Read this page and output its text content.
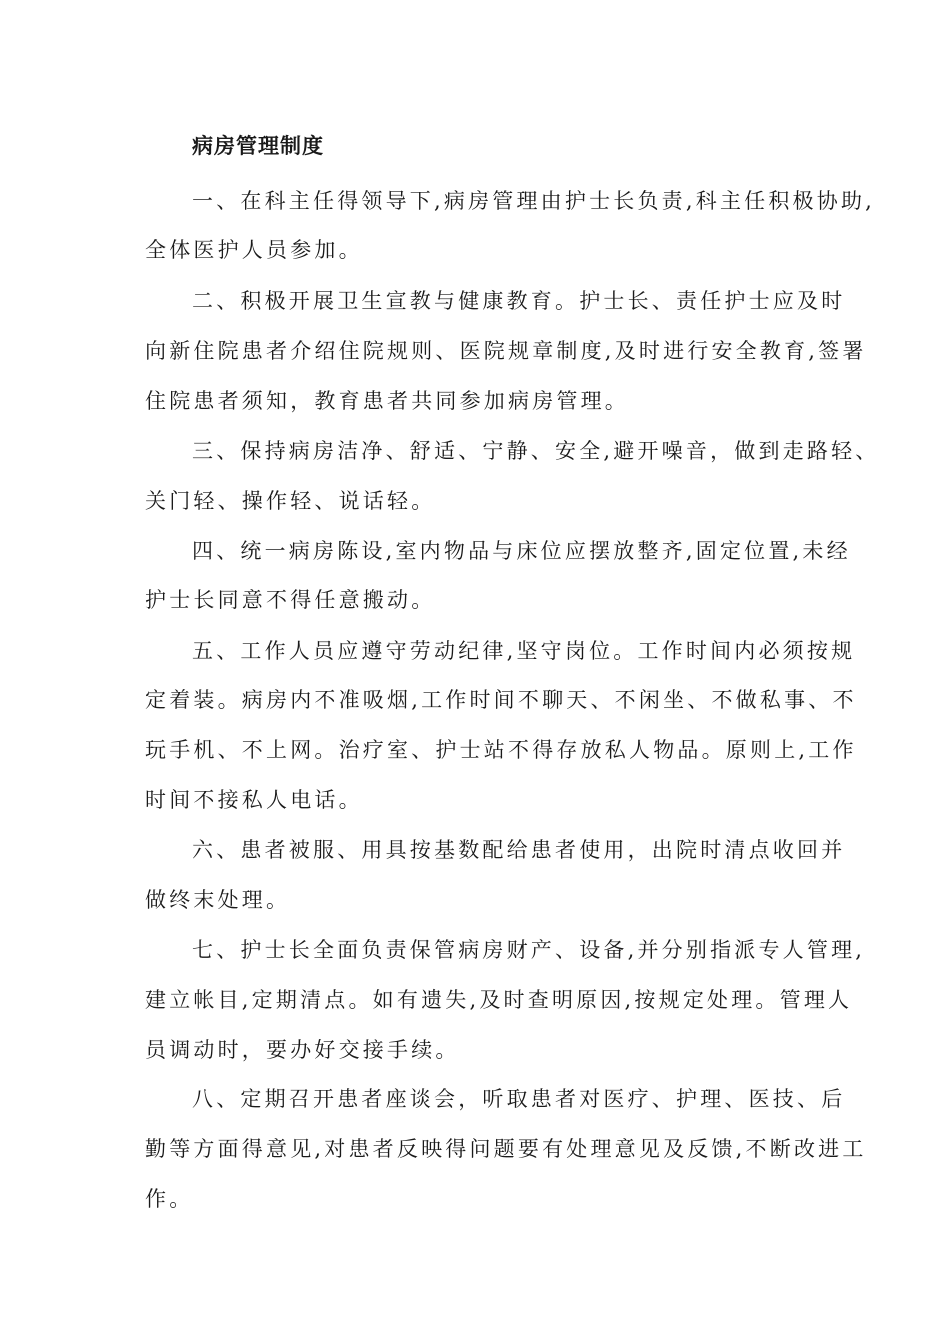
病房管理制度
一、在科主任得领导下,病房管理由护士长负责,科主任积极协助,
全体医护人员参加。
二、积极开展卫生宣教与健康教育。护士长、责任护士应及时
向新住院患者介绍住院规则、医院规章制度,及时进行安全教育,签署
住院患者须知，教育患者共同参加病房管理。
三、保持病房洁净、舒适、宁静、安全,避开噪音，做到走路轻、
关门轻、操作轻、说话轻。
四、统一病房陈设,室内物品与床位应摆放整齐,固定位置,未经
护士长同意不得任意搬动。
五、工作人员应遵守劳动纪律,坚守岗位。工作时间内必须按规
定着装。病房内不准吸烟,工作时间不聊天、不闲坐、不做私事、不
玩手机、不上网。治疗室、护士站不得存放私人物品。原则上,工作
时间不接私人电话。
六、患者被服、用具按基数配给患者使用，出院时清点收回并
做终末处理。
七、护士长全面负责保管病房财产、设备,并分别指派专人管理,
建立帐目,定期清点。如有遗失,及时查明原因,按规定处理。管理人
员调动时，要办好交接手续。
八、定期召开患者座谈会，听取患者对医疗、护理、医技、后
勤等方面得意见,对患者反映得问题要有处理意见及反馈,不断改进工
作。
